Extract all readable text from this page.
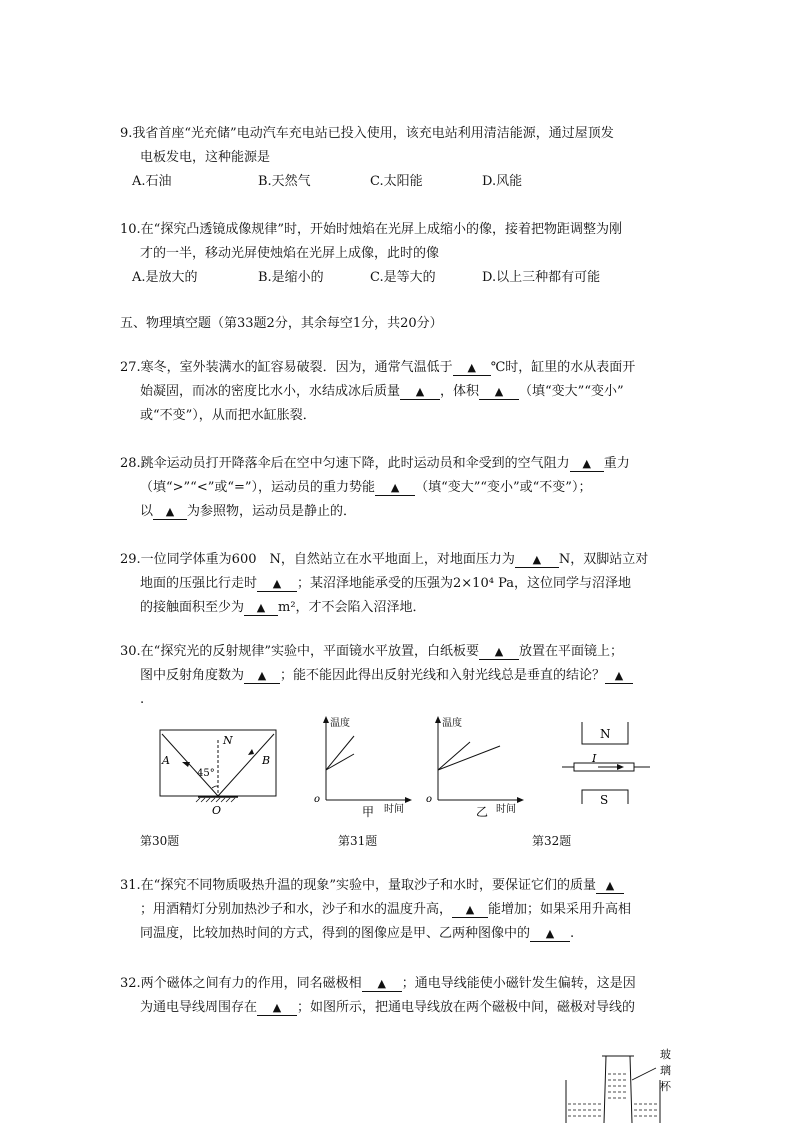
9.我省首座“光充储”电动汽车充电站已投入使用，该充电站利用清洁能源，通过屋顶发

电板发电，这种能源是

A.石油	B.天然气	C.太阳能	D.风能

10.在“探究凸透镜成像规律”时，开始时烛焰在光屏上成缩小的像，接着把物距调整为刚

才的一半，移动光屏使烛焰在光屏上成像，此时的像

A.是放大的	B.是缩小的	C.是等大的	D.以上三种都有可能

五、物理填空题（第33题2分，其余每空1分，共20分）

27.寒冬，室外装满水的缸容易破裂．因为，通常气温低于 ▲ ℃时，缸里的水从表面开

始凝固，而冰的密度比水小，水结成冰后质量 ▲ ，体积 ▲ （填“变大”“变小”

或“不变”），从而把水缸胀裂．

28.跳伞运动员打开降落伞后在空中匀速下降，此时运动员和伞受到的空气阻力 ▲ 重力

（填“>”“<”或“=”），运动员的重力势能 ▲ （填“变大”“变小”或“不变”）；

以 ▲ 为参照物，运动员是静止的．

29.一位同学体重为600　N，自然站立在水平地面上，对地面压力为 ▲ N，双脚站立对

地面的压强比行走时 ▲ ；某沼泽地能承受的压强为2×10⁴ Pa，这位同学与沼泽地

的接触面积至少为 ▲ m²，才不会陷入沼泽地．

30.在“探究光的反射规律”实验中，平面镜水平放置，白纸板要 ▲ 放置在平面镜上；

图中反射角度数为 ▲ ；能不能因此得出反射光线和入射光线总是垂直的结论？ ▲

.

N
A	B
45°
O
温度
时间
o
甲
温度
时间
o
乙
N
I
S
第30题	第31题	第32题

31.在“探究不同物质吸热升温的现象”实验中，量取沙子和水时，要保证它们的质量 ▲

；用酒精灯分别加热沙子和水，沙子和水的温度升高， ▲ 能增加；如果采用升高相

同温度，比较加热时间的方式，得到的图像应是甲、乙两种图像中的 ▲ .

32.两个磁体之间有力的作用，同名磁极相 ▲ ；通电导线能使小磁针发生偏转，这是因

为通电导线周围存在 ▲ ；如图所示，把通电导线放在两个磁极中间，磁极对导线的

玻
璃
杯
